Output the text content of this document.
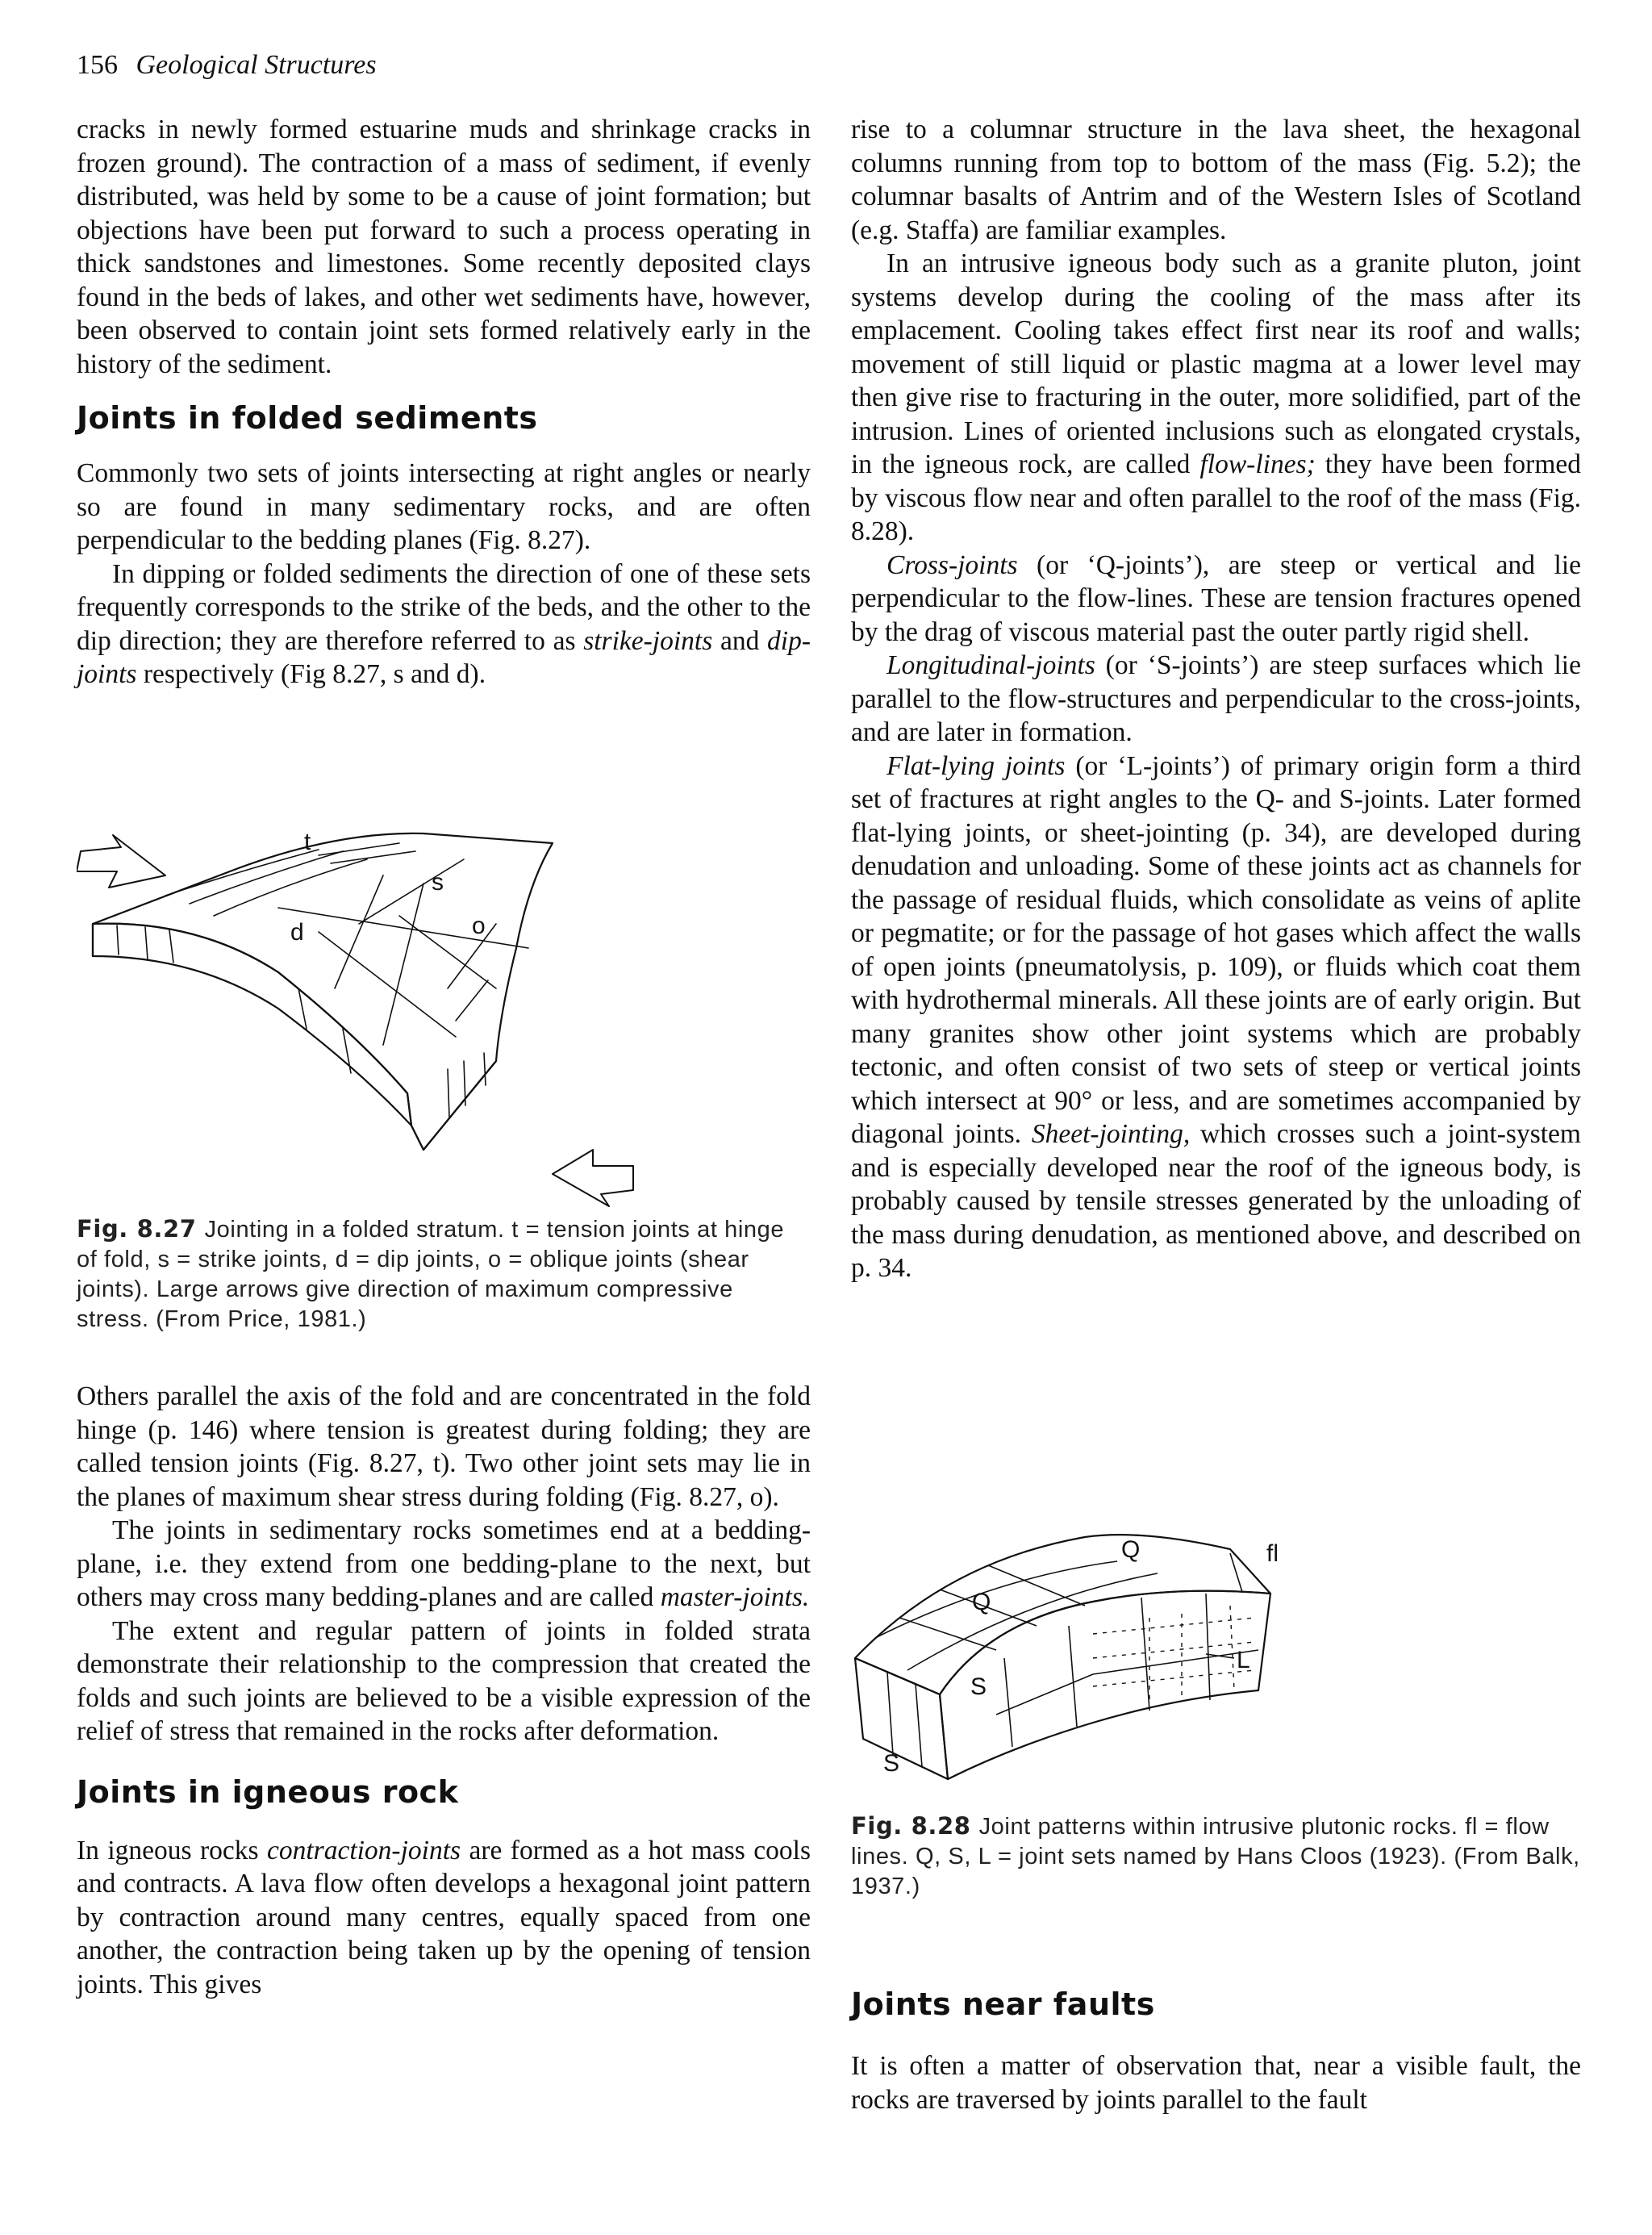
156 Geological Structures

cracks in newly formed estuarine muds and shrinkage cracks in frozen ground). The contraction of a mass of sediment, if evenly distributed, was held by some to be a cause of joint formation; but objections have been put forward to such a process operating in thick sandstones and limestones. Some recently deposited clays found in the beds of lakes, and other wet sediments have, however, been observed to contain joint sets formed relatively early in the history of the sediment.

Joints in folded sediments

Commonly two sets of joints intersecting at right angles or nearly so are found in many sedimentary rocks, and are often perpendicular to the bedding planes (Fig. 8.27).

In dipping or folded sediments the direction of one of these sets frequently corresponds to the strike of the beds, and the other to the dip direction; they are therefore referred to as strike-joints and dip-joints respectively (Fig 8.27, s and d).

t
s
d	o
Fig. 8.27 Jointing in a folded stratum. t = tension joints at hinge of fold, s = strike joints, d = dip joints, o = oblique joints (shear joints). Large arrows give direction of maximum compressive stress. (From Price, 1981.)

Others parallel the axis of the fold and are concentrated in the fold hinge (p. 146) where tension is greatest during folding; they are called tension joints (Fig. 8.27, t). Two other joint sets may lie in the planes of maximum shear stress during folding (Fig. 8.27, o).

The joints in sedimentary rocks sometimes end at a bedding-plane, i.e. they extend from one bedding-plane to the next, but others may cross many bedding-planes and are called master-joints.

The extent and regular pattern of joints in folded strata demonstrate their relationship to the compression that created the folds and such joints are believed to be a visible expression of the relief of stress that remained in the rocks after deformation.

Joints in igneous rock

In igneous rocks contraction-joints are formed as a hot mass cools and contracts. A lava flow often develops a hexagonal joint pattern by contraction around many centres, equally spaced from one another, the contraction being taken up by the opening of tension joints. This gives

rise to a columnar structure in the lava sheet, the hexagonal columns running from top to bottom of the mass (Fig. 5.2); the columnar basalts of Antrim and of the Western Isles of Scotland (e.g. Staffa) are familiar examples.

In an intrusive igneous body such as a granite pluton, joint systems develop during the cooling of the mass after its emplacement. Cooling takes effect first near its roof and walls; movement of still liquid or plastic magma at a lower level may then give rise to fracturing in the outer, more solidified, part of the intrusion. Lines of oriented inclusions such as elongated crystals, in the igneous rock, are called flow-lines; they have been formed by viscous flow near and often parallel to the roof of the mass (Fig. 8.28).

Cross-joints (or ‘Q-joints’), are steep or vertical and lie perpendicular to the flow-lines. These are tension fractures opened by the drag of viscous material past the outer partly rigid shell.

Longitudinal-joints (or ‘S-joints’) are steep surfaces which lie parallel to the flow-structures and perpendicular to the cross-joints, and are later in formation.

Flat-lying joints (or ‘L-joints’) of primary origin form a third set of fractures at right angles to the Q- and S-joints. Later formed flat-lying joints, or sheet-jointing (p. 34), are developed during denudation and unloading. Some of these joints act as channels for the passage of residual fluids, which consolidate as veins of aplite or pegmatite; or for the passage of hot gases which affect the walls of open joints (pneumatolysis, p. 109), or fluids which coat them with hydrothermal minerals. All these joints are of early origin. But many granites show other joint systems which are probably tectonic, and often consist of two sets of steep or vertical joints which intersect at 90° or less, and are sometimes accompanied by diagonal joints. Sheet-jointing, which crosses such a joint-system and is especially developed near the roof of the igneous body, is probably caused by tensile stresses generated by the unloading of the mass during denudation, as mentioned above, and described on p. 34.

Q
Q
fl
L
S
S
Fig. 8.28 Joint patterns within intrusive plutonic rocks. fl = flow lines. Q, S, L = joint sets named by Hans Cloos (1923). (From Balk, 1937.)
Joints near faults

It is often a matter of observation that, near a visible fault, the rocks are traversed by joints parallel to the fault
